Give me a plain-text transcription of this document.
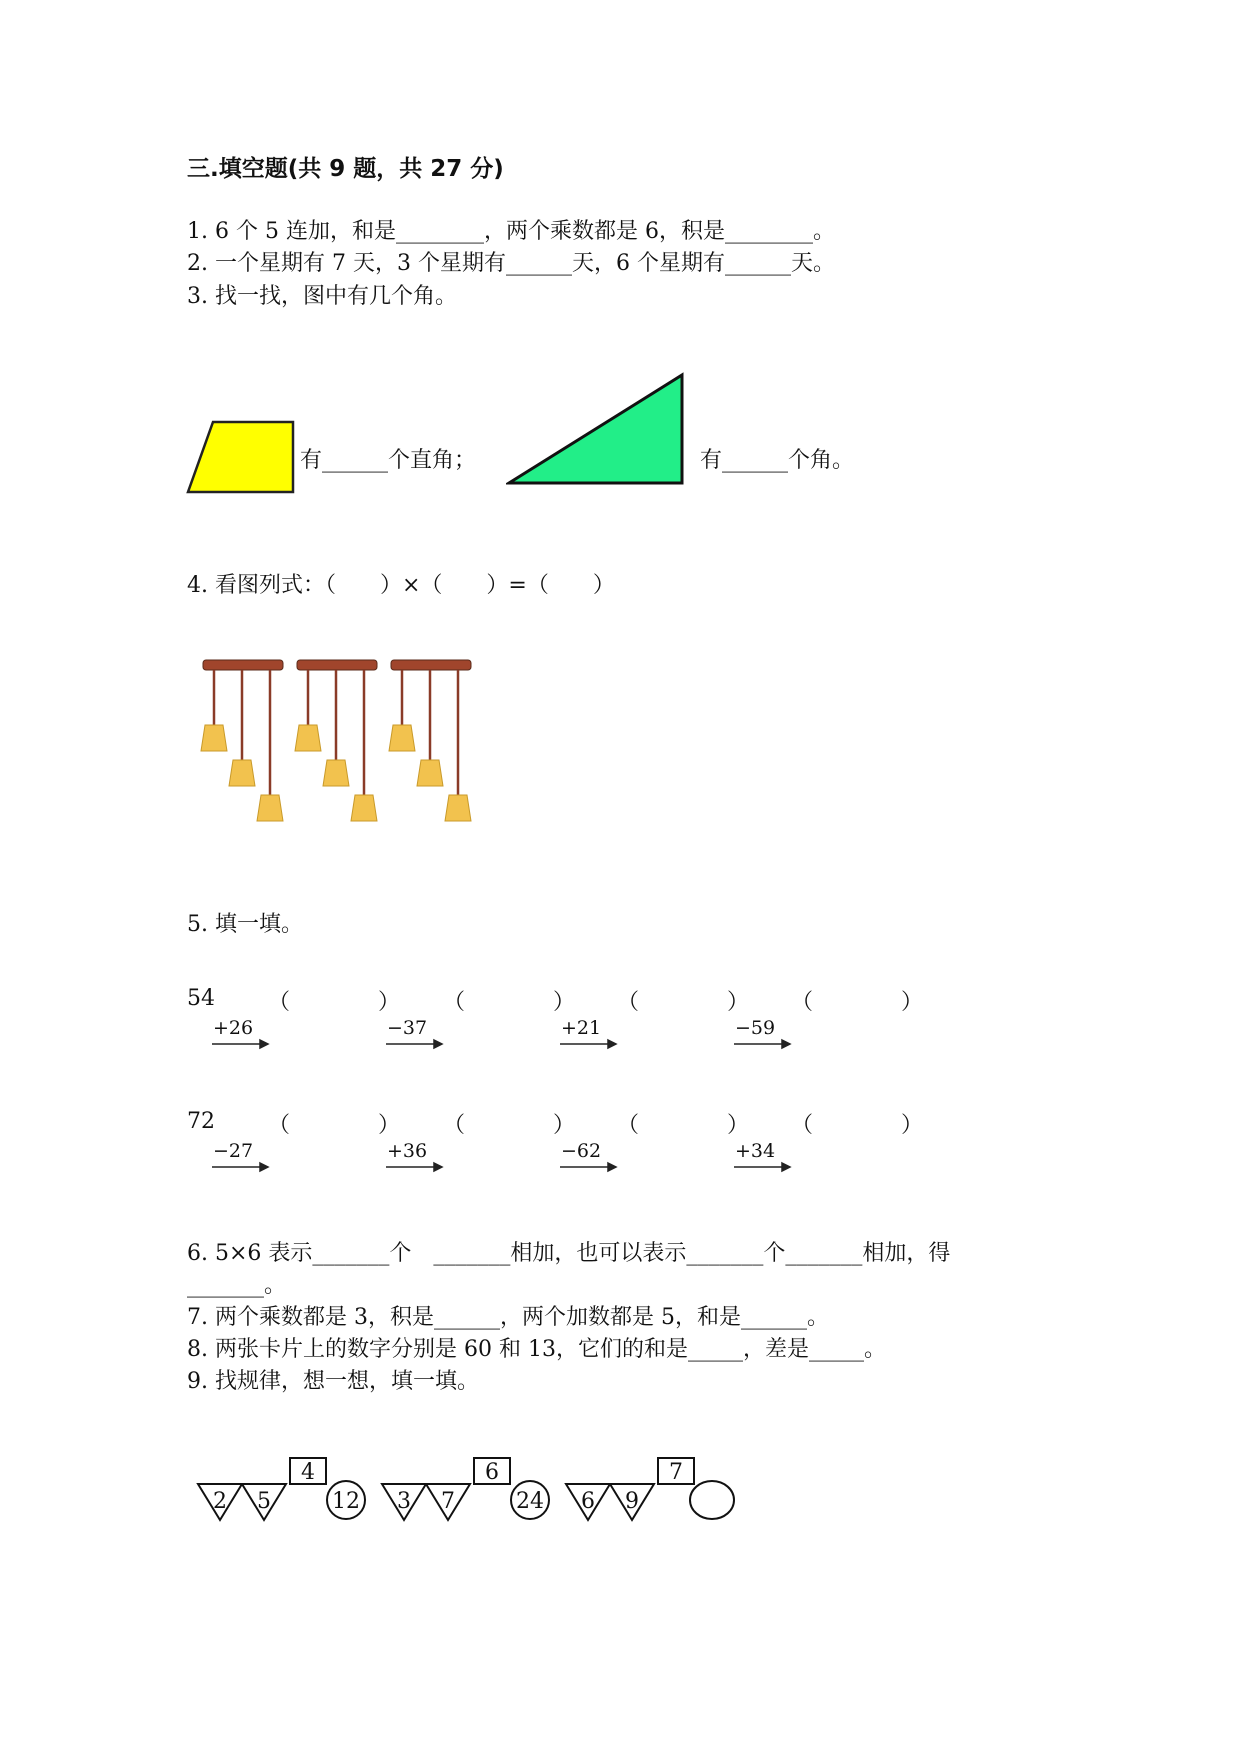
三.填空题(共 9 题，共 27 分)
1. 6 个 5 连加，和是________，两个乘数都是 6，积是________。
2. 一个星期有 7 天，3 个星期有______天，6 个星期有______天。
3. 找一找，图中有几个角。
有______个直角；	有______个角。
4. 看图列式：（　　）×（　　）=（　　）
5. 填一填。
54 （　　　　） （　　　　） （　　　　） （　　　　）
+26	−37	+21	−59
72 （　　　　） （　　　　） （　　　　） （　　　　）
−27	+36	−62	+34
6. 5×6 表示_______个　_______相加，也可以表示_______个_______相加，得
_______。
7. 两个乘数都是 3，积是______，两个加数都是 5，和是______。
8. 两张卡片上的数字分别是 60 和 13，它们的和是_____，差是_____。
9. 找规律，想一想，填一填。
2 5
4
12 3 7
6
24 6 9
7
